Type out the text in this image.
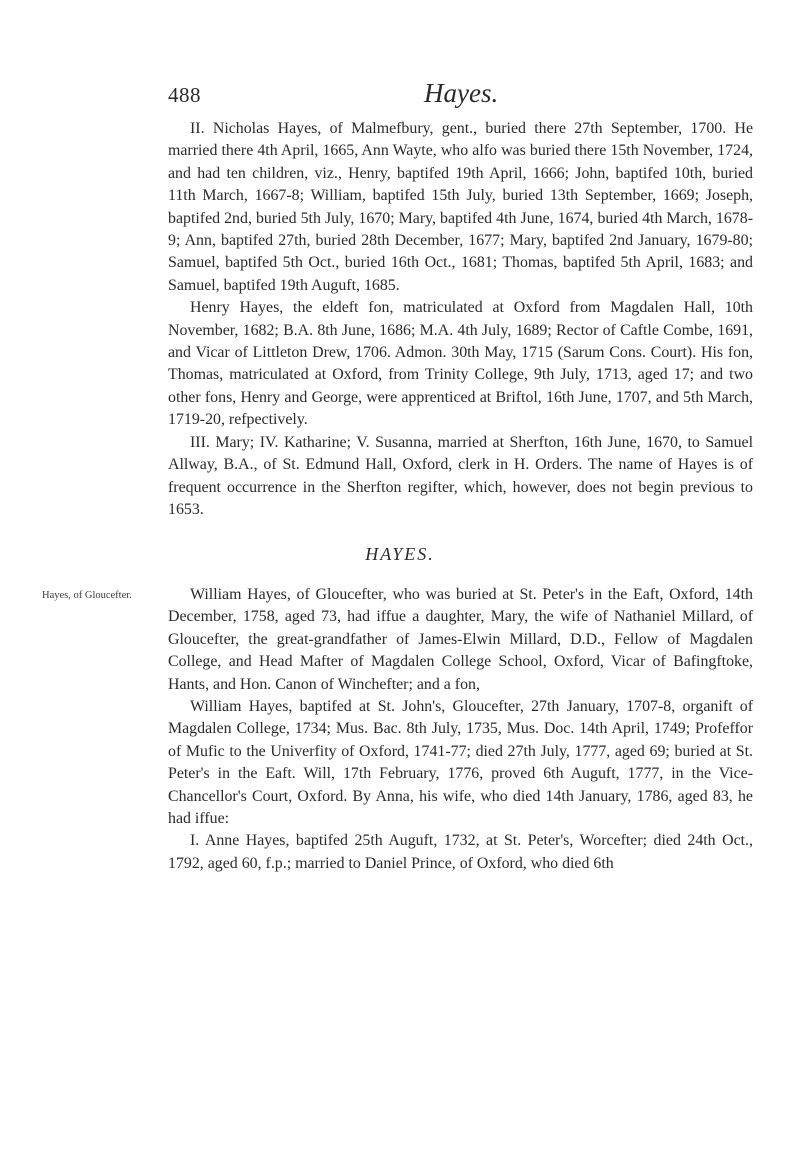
488	Hayes.

II. Nicholas Hayes, of Malmefbury, gent., buried there 27th September, 1700. He married there 4th April, 1665, Ann Wayte, who alfo was buried there 15th November, 1724, and had ten children, viz., Henry, baptifed 19th April, 1666; John, baptifed 10th, buried 11th March, 1667-8; William, baptifed 15th July, buried 13th September, 1669; Joseph, baptifed 2nd, buried 5th July, 1670; Mary, baptifed 4th June, 1674, buried 4th March, 1678-9; Ann, baptifed 27th, buried 28th December, 1677; Mary, baptifed 2nd January, 1679-80; Samuel, baptifed 5th Oct., buried 16th Oct., 1681; Thomas, baptifed 5th April, 1683; and Samuel, baptifed 19th Auguft, 1685.

Henry Hayes, the eldeft fon, matriculated at Oxford from Magdalen Hall, 10th November, 1682; B.A. 8th June, 1686; M.A. 4th July, 1689; Rector of Caftle Combe, 1691, and Vicar of Littleton Drew, 1706. Admon. 30th May, 1715 (Sarum Cons. Court). His fon, Thomas, matriculated at Oxford, from Trinity College, 9th July, 1713, aged 17; and two other fons, Henry and George, were apprenticed at Briftol, 16th June, 1707, and 5th March, 1719-20, refpectively.

III. Mary; IV. Katharine; V. Susanna, married at Sherfton, 16th June, 1670, to Samuel Allway, B.A., of St. Edmund Hall, Oxford, clerk in H. Orders. The name of Hayes is of frequent occurrence in the Sherfton regifter, which, however, does not begin previous to 1653.

HAYES.
Hayes, of Gloucefter.	William Hayes, of Gloucefter, who was buried at St. Peter's in the Eaft, Oxford, 14th December, 1758, aged 73, had iffue a daughter, Mary, the wife of Nathaniel Millard, of Gloucefter, the great-grandfather of James-Elwin Millard, D.D., Fellow of Magdalen College, and Head Mafter of Magdalen College School, Oxford, Vicar of Bafingftoke, Hants, and Hon. Canon of Winchefter; and a fon,

William Hayes, baptifed at St. John's, Gloucefter, 27th January, 1707-8, organift of Magdalen College, 1734; Mus. Bac. 8th July, 1735, Mus. Doc. 14th April, 1749; Profeffor of Mufic to the Univerfity of Oxford, 1741-77; died 27th July, 1777, aged 69; buried at St. Peter's in the Eaft. Will, 17th February, 1776, proved 6th Auguft, 1777, in the Vice-Chancellor's Court, Oxford. By Anna, his wife, who died 14th January, 1786, aged 83, he had iffue:

I. Anne Hayes, baptifed 25th Auguft, 1732, at St. Peter's, Worcefter; died 24th Oct., 1792, aged 60, f.p.; married to Daniel Prince, of Oxford, who died 6th
